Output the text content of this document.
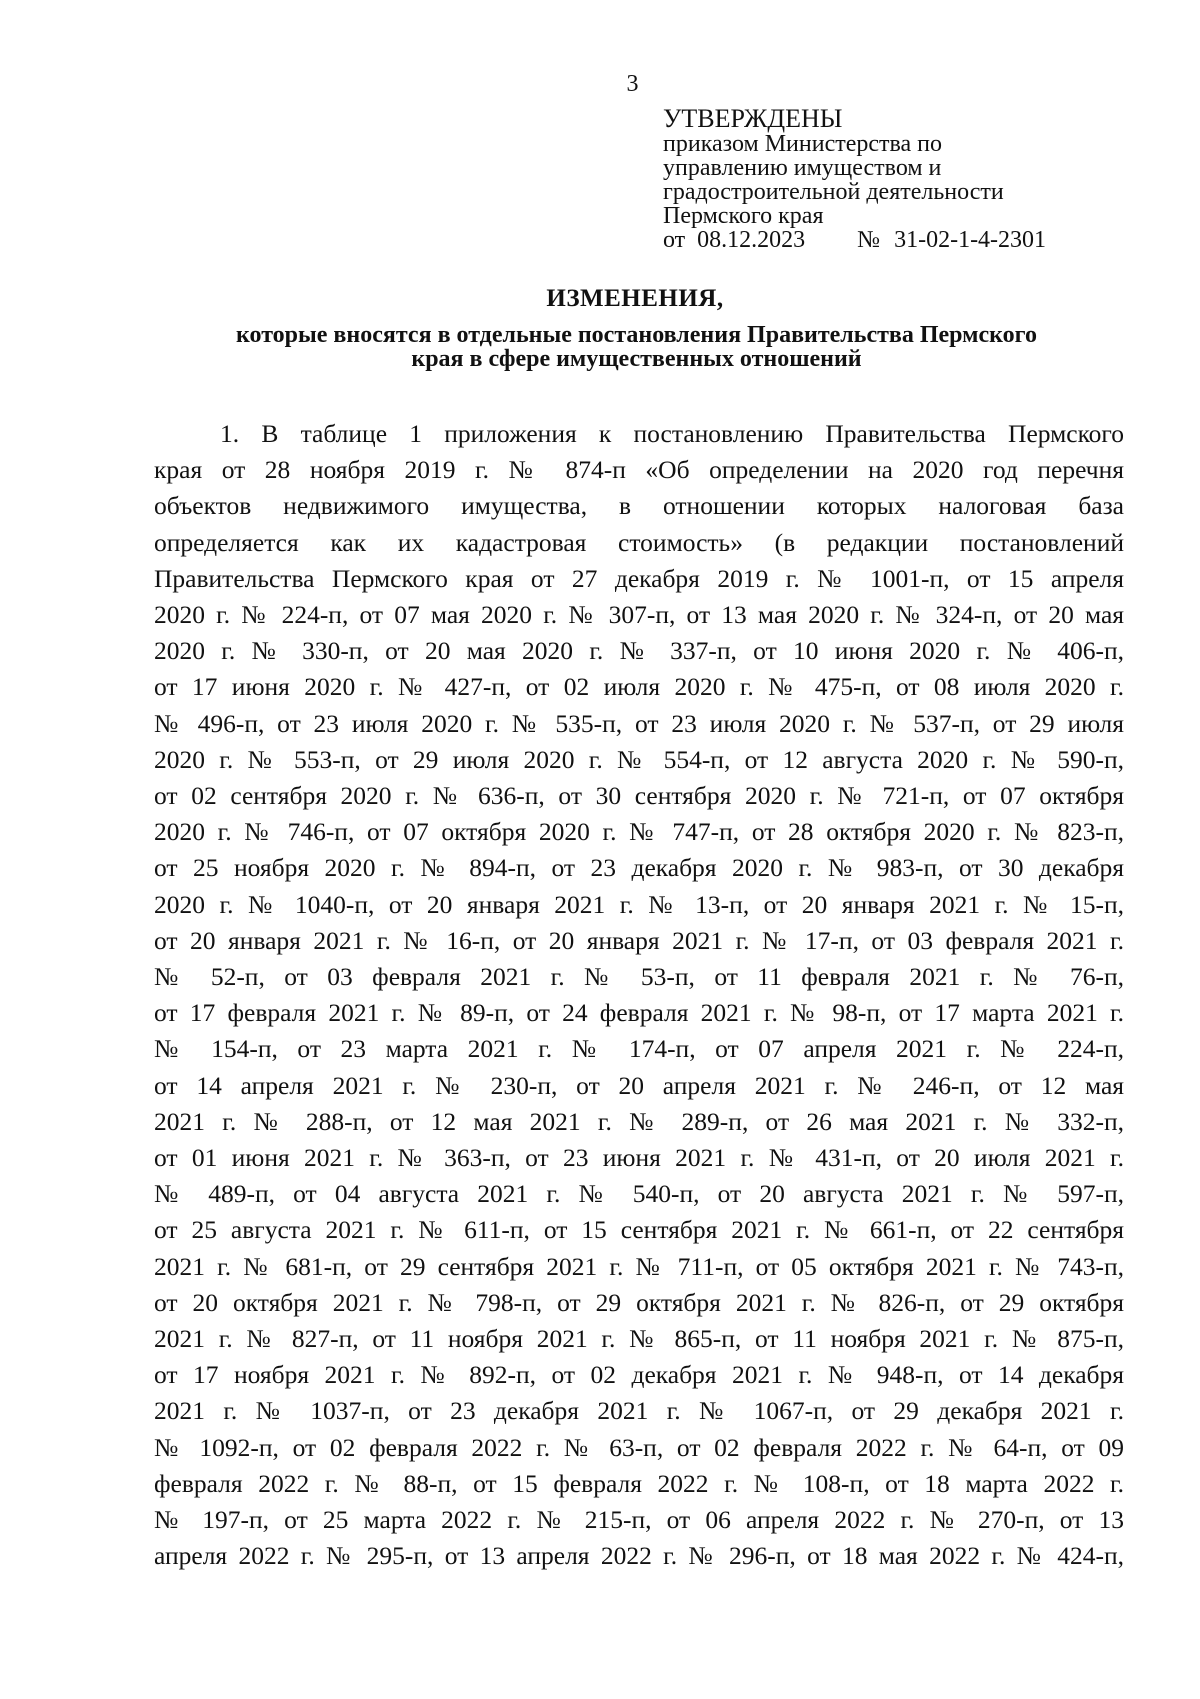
3
УТВЕРЖДЕНЫ
приказом Министерства по
управлению имуществом и
градостроительной деятельности
Пермского края
от 08.12.2023 № 31-02-1-4-2301
ИЗМЕНЕНИЯ,
которые вносятся в отдельные постановления Правительства Пермского
края в сфере имущественных отношений
1. В таблице 1 приложения к постановлению Правительства Пермского
края от 28 ноября 2019 г. № 874-п «Об определении на 2020 год перечня
объектов недвижимого имущества, в отношении которых налоговая база
определяется как их кадастровая стоимость» (в редакции постановлений
Правительства Пермского края от 27 декабря 2019 г. № 1001-п, от 15 апреля
2020 г. № 224-п, от 07 мая 2020 г. № 307-п, от 13 мая 2020 г. № 324-п, от 20 мая
2020 г. № 330-п, от 20 мая 2020 г. № 337-п, от 10 июня 2020 г. № 406-п,
от 17 июня 2020 г. № 427-п, от 02 июля 2020 г. № 475-п, от 08 июля 2020 г.
№ 496-п, от 23 июля 2020 г. № 535-п, от 23 июля 2020 г. № 537-п, от 29 июля
2020 г. № 553-п, от 29 июля 2020 г. № 554-п, от 12 августа 2020 г. № 590-п,
от 02 сентября 2020 г. № 636-п, от 30 сентября 2020 г. № 721-п, от 07 октября
2020 г. № 746-п, от 07 октября 2020 г. № 747-п, от 28 октября 2020 г. № 823-п,
от 25 ноября 2020 г. № 894-п, от 23 декабря 2020 г. № 983-п, от 30 декабря
2020 г. № 1040-п, от 20 января 2021 г. № 13-п, от 20 января 2021 г. № 15-п,
от 20 января 2021 г. № 16-п, от 20 января 2021 г. № 17-п, от 03 февраля 2021 г.
№ 52-п, от 03 февраля 2021 г. № 53-п, от 11 февраля 2021 г. № 76-п,
от 17 февраля 2021 г. № 89-п, от 24 февраля 2021 г. № 98-п, от 17 марта 2021 г.
№ 154-п, от 23 марта 2021 г. № 174-п, от 07 апреля 2021 г. № 224-п,
от 14 апреля 2021 г. № 230-п, от 20 апреля 2021 г. № 246-п, от 12 мая
2021 г. № 288-п, от 12 мая 2021 г. № 289-п, от 26 мая 2021 г. № 332-п,
от 01 июня 2021 г. № 363-п, от 23 июня 2021 г. № 431-п, от 20 июля 2021 г.
№ 489-п, от 04 августа 2021 г. № 540-п, от 20 августа 2021 г. № 597-п,
от 25 августа 2021 г. № 611-п, от 15 сентября 2021 г. № 661-п, от 22 сентября
2021 г. № 681-п, от 29 сентября 2021 г. № 711-п, от 05 октября 2021 г. № 743-п,
от 20 октября 2021 г. № 798-п, от 29 октября 2021 г. № 826-п, от 29 октября
2021 г. № 827-п, от 11 ноября 2021 г. № 865-п, от 11 ноября 2021 г. № 875-п,
от 17 ноября 2021 г. № 892-п, от 02 декабря 2021 г. № 948-п, от 14 декабря
2021 г. № 1037-п, от 23 декабря 2021 г. № 1067-п, от 29 декабря 2021 г.
№ 1092-п, от 02 февраля 2022 г. № 63-п, от 02 февраля 2022 г. № 64-п, от 09
февраля 2022 г. № 88-п, от 15 февраля 2022 г. № 108-п, от 18 марта 2022 г.
№ 197-п, от 25 марта 2022 г. № 215-п, от 06 апреля 2022 г. № 270-п, от 13
апреля 2022 г. № 295-п, от 13 апреля 2022 г. № 296-п, от 18 мая 2022 г. № 424-п,
